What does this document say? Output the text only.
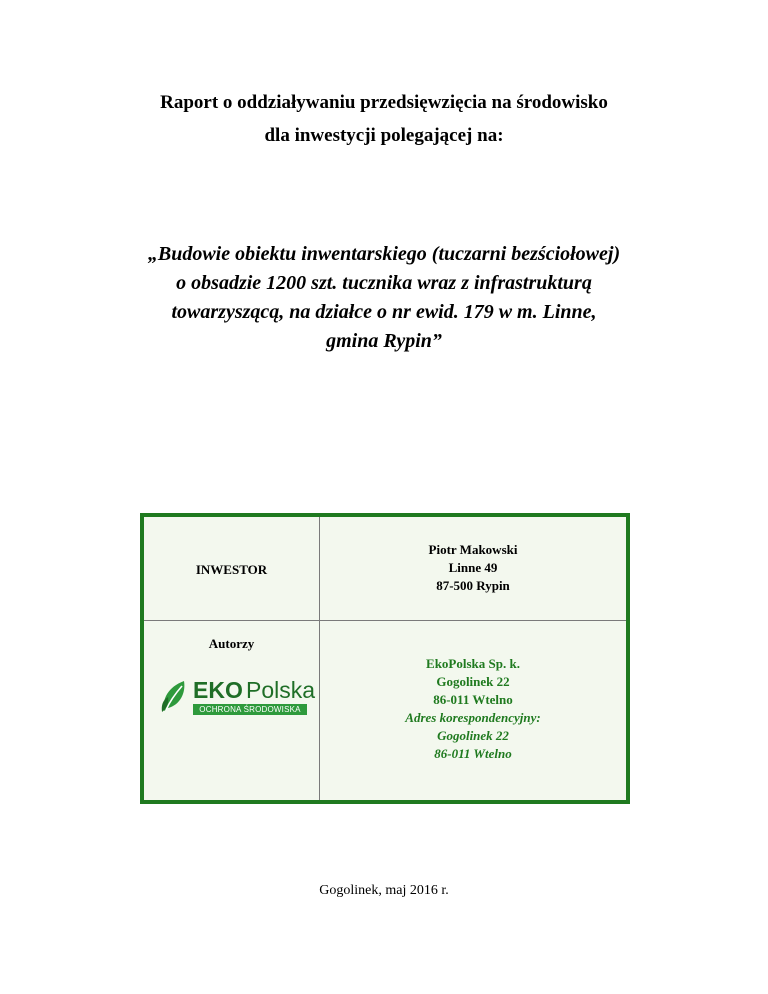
Raport o oddziaływaniu przedsięwzięcia na środowisko
dla inwestycji polegającej na:
„Budowie obiektu inwentarskiego (tuczarni bezściołowej)
o obsadzie 1200 szt. tucznika wraz z infrastrukturą
towarzyszącą, na działce o nr ewid. 179 w m. Linne,
gmina Rypin”
INWESTOR
Piotr Makowski
Linne 49
87-500 Rypin
Autorzy
EKO Polska
OCHRONA ŚRODOWISKA
EkoPolska Sp. k.
Gogolinek 22
86-011 Wtelno
Adres korespondencyjny:
Gogolinek 22
86-011 Wtelno
Gogolinek, maj 2016 r.
